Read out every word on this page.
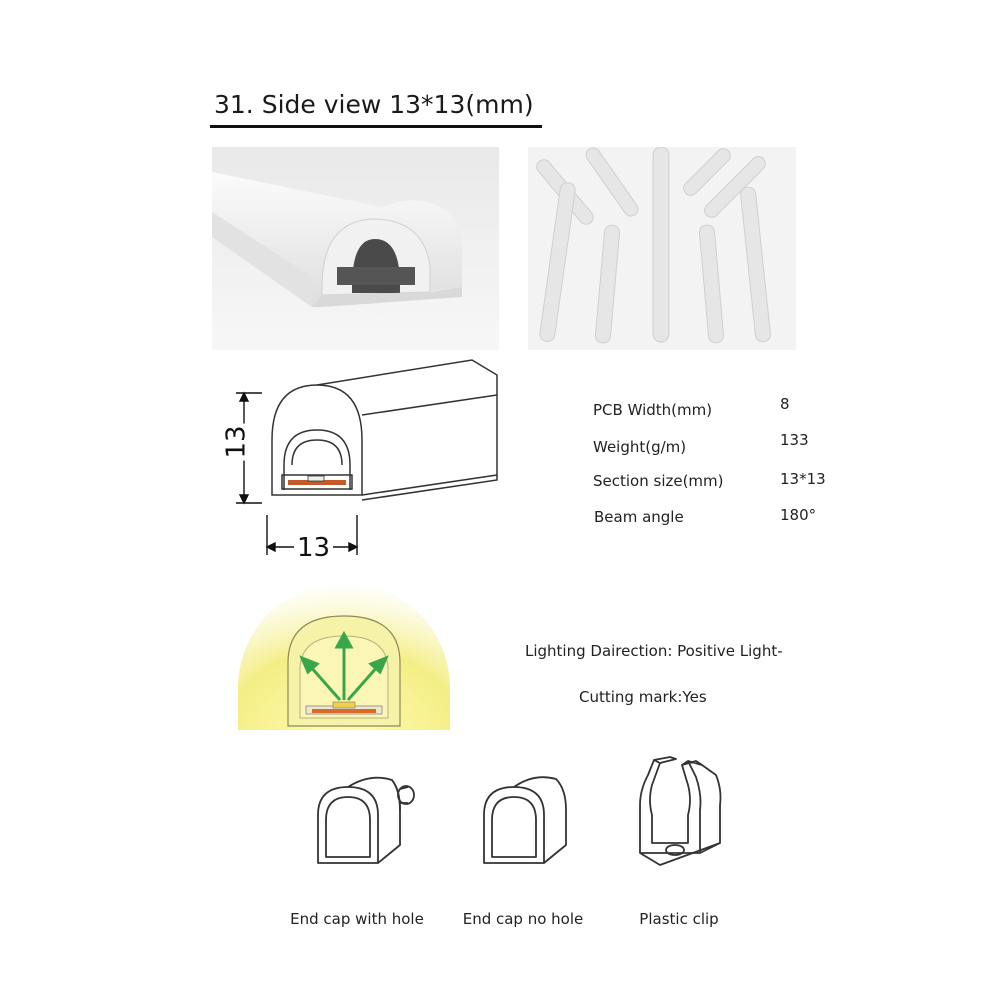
31. Side view 13*13(mm)
13
13
PCB Width(mm)	8
Weight(g/m)	133
Section size(mm)	13*13
Beam angle	180°
Lighting Dairection: Positive Light-
Cutting mark:Yes
End cap with hole	End cap no hole	Plastic clip
